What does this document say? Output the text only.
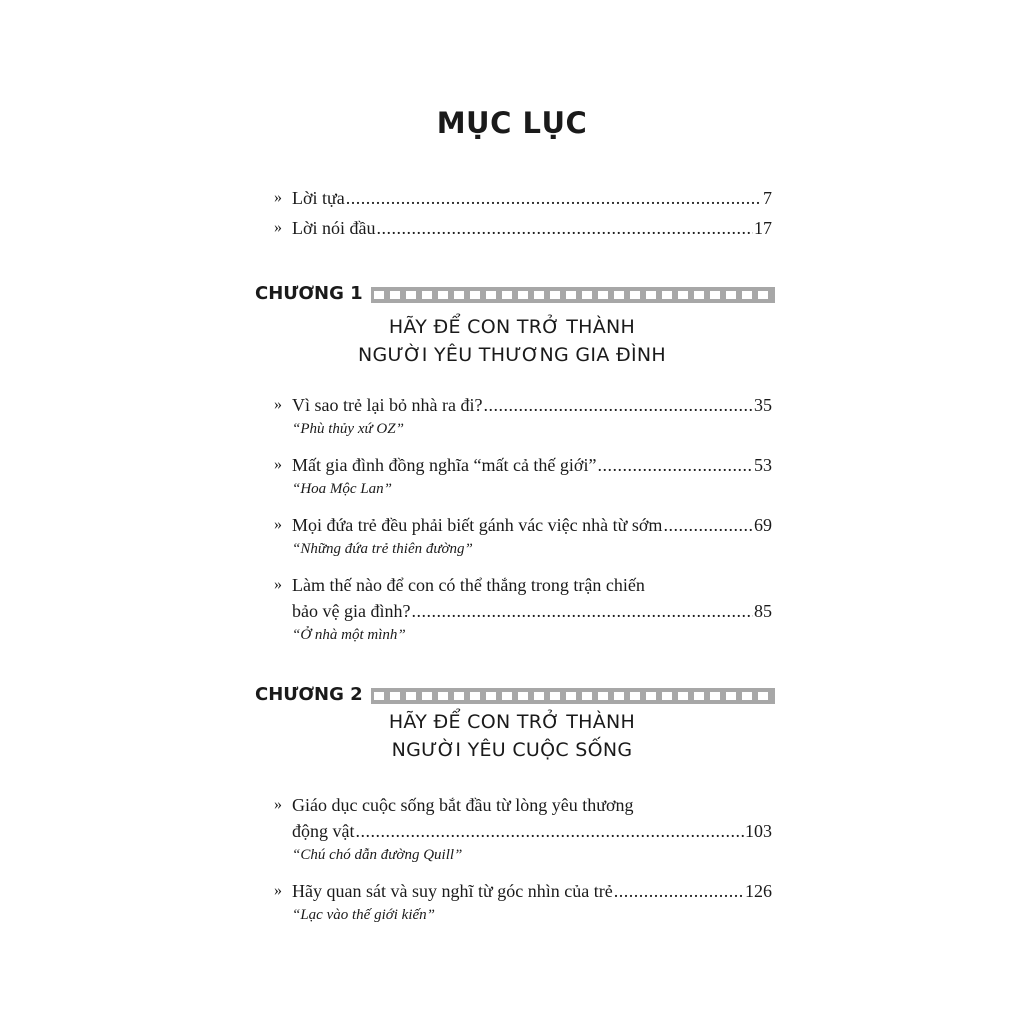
MỤC LỤC
» Lời tựa .....	7
» Lời nói đầu .....	17
CHƯƠNG 1
HÃY ĐỂ CON TRỞ THÀNH
NGƯỜI YÊU THƯƠNG GIA ĐÌNH
» Vì sao trẻ lại bỏ nhà ra đi? .....	35
“Phù thủy xứ OZ”
» Mất gia đình đồng nghĩa “mất cả thế giới” .....	53
“Hoa Mộc Lan”
» Mọi đứa trẻ đều phải biết gánh vác việc nhà từ sớm .....	69
“Những đứa trẻ thiên đường”
» Làm thế nào để con có thể thắng trong trận chiến
bảo vệ gia đình? .....	85
“Ở nhà một mình”
CHƯƠNG 2
HÃY ĐỂ CON TRỞ THÀNH
NGƯỜI YÊU CUỘC SỐNG
» Giáo dục cuộc sống bắt đầu từ lòng yêu thương
động vật .....	103
“Chú chó dẫn đường Quill”
» Hãy quan sát và suy nghĩ từ góc nhìn của trẻ .....	126
“Lạc vào thế giới kiến”
